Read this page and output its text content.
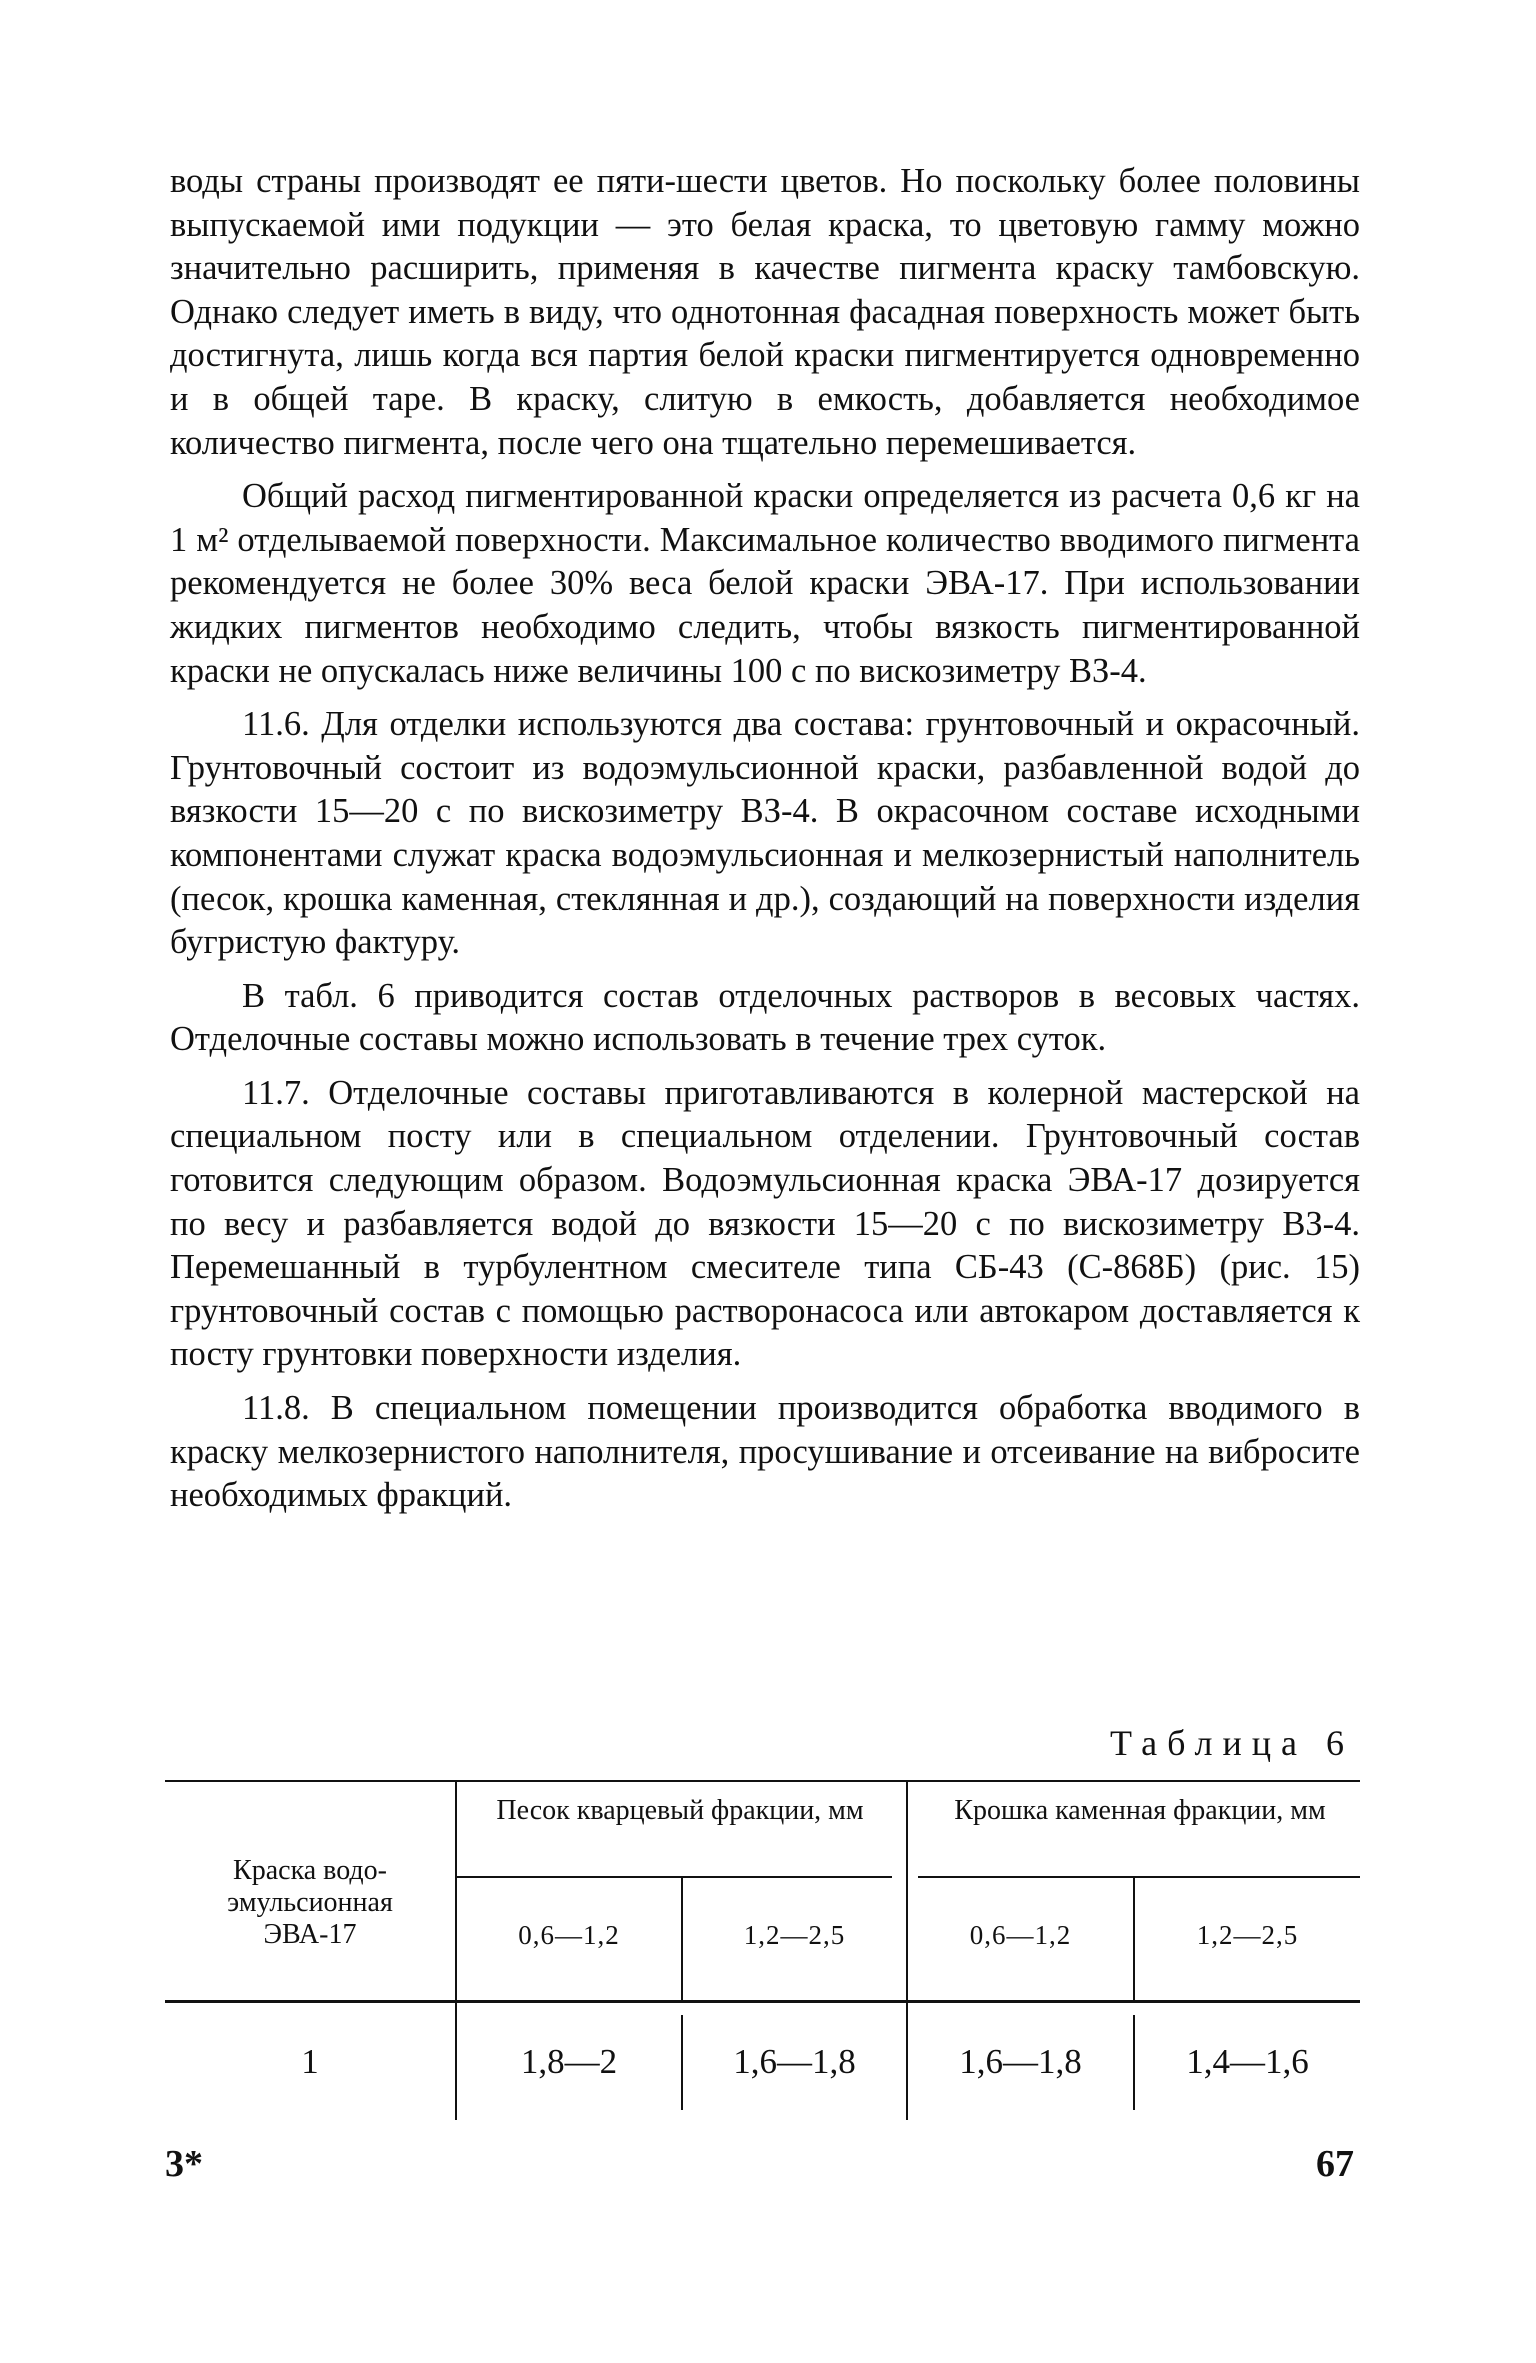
воды страны производят ее пяти-шести цветов. Но поскольку более половины выпускаемой ими подукции — это белая краска, то цветовую гамму можно значительно расширить, применяя в качестве пигмента краску тамбовскую. Однако следует иметь в виду, что однотонная фасадная поверхность может быть достигнута, лишь когда вся партия белой краски пигментируется одновременно и в общей таре. В краску, слитую в емкость, добавляется необходимое количество пигмента, после чего она тщательно перемешивается.

Общий расход пигментированной краски определяется из расчета 0,6 кг на 1 м² отделываемой поверхности. Максимальное количество вводимого пигмента рекомендуется не более 30% веса белой краски ЭВА-17. При использовании жидких пигментов необходимо следить, чтобы вязкость пигментированной краски не опускалась ниже величины 100 с по вискозиметру ВЗ-4.

11.6. Для отделки используются два состава: грунтовочный и окрасочный. Грунтовочный состоит из водоэмульсионной краски, разбавленной водой до вязкости 15—20 с по вискозиметру ВЗ-4. В окрасочном составе исходными компонентами служат краска водоэмульсионная и мелкозернистый наполнитель (песок, крошка каменная, стеклянная и др.), создающий на поверхности изделия бугристую фактуру.

В табл. 6 приводится состав отделочных растворов в весовых частях. Отделочные составы можно использовать в течение трех суток.

11.7. Отделочные составы приготавливаются в колерной мастерской на специальном посту или в специальном отделении. Грунтовочный состав готовится следующим образом. Водоэмульсионная краска ЭВА-17 дозируется по весу и разбавляется водой до вязкости 15—20 с по вискозиметру ВЗ-4. Перемешанный в турбулентном смесителе типа СБ-43 (С-868Б) (рис. 15) грунтовочный состав с помощью растворонасоса или автокаром доставляется к посту грунтовки поверхности изделия.

11.8. В специальном помещении производится обработка вводимого в краску мелкозернистого наполнителя, просушивание и отсеивание на вибросите необходимых фракций.

Таблица 6
Краска водо-эмульсионная ЭВА-17
Песок кварцевый фракции, мм	Крошка каменная фракции, мм
0,6—1,2	1,2—2,5	0,6—1,2	1,2—2,5
1	1,8—2	1,6—1,8	1,6—1,8	1,4—1,6
3*	67
